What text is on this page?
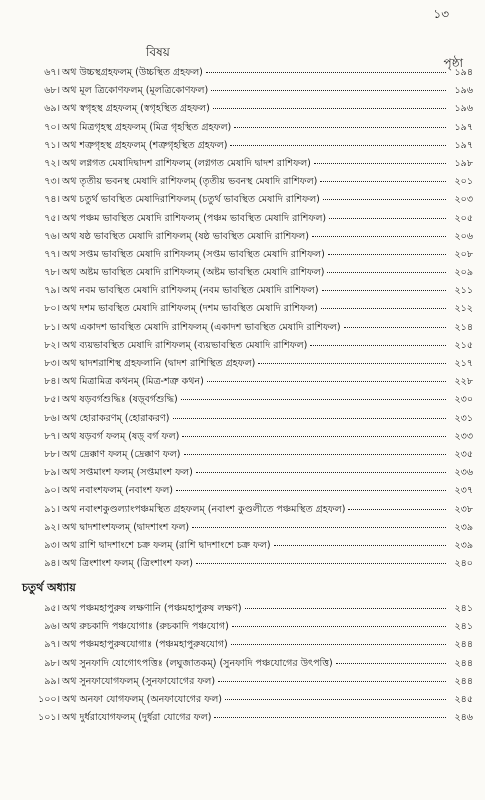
১৩
বিষয়
পৃষ্ঠা
৬৭। অথ উচ্চস্থগ্রহফলম্‌ (উচ্চস্থিত গ্রহফল)	১৯৪
৬৮। অথ মূল ত্রিকোণফলম্‌ (মূলত্রিকোণফল)	১৯৬
৬৯। অথ স্বগৃহস্থ গ্রহফলম্‌ (স্বগৃহস্থিত গ্রহফল)	১৯৬
৭০। অথ মিত্রগৃহস্থ গ্রহফলম্‌ (মিত্র গৃহস্থিত গ্রহফল)	১৯৭
৭১। অথ শত্রুগৃহস্থ গ্রহফলম্‌ (শত্রুগৃহস্থিত গ্রহফল)	১৯৭
৭২। অথ লগ্নগত মেষাদিদ্বাদশ রাশিফলম্‌ (লগ্নগত মেষাদি দ্বাদশ রাশিফল)	১৯৮
৭৩। অথ তৃতীয় ভবনস্থ মেষাদি রাশিফলম্‌ (তৃতীয় ভবনস্থ মেষাদি রাশিফল)	২০১
৭৪। অথ চতুর্থ ভাবস্থিত মেষাদিরাশিফলম্‌ (চতুর্থ ভাবস্থিত মেষাদি রাশিফল)	২০৩
৭৫। অথ পঞ্চম ভাবস্থিত মেষাদি রাশিফলম্‌ (পঞ্চম ভাবস্থিত মেষাদি রাশিফল)	২০৫
৭৬। অথ ষষ্ঠ ভাবস্থিত মেষাদি রাশিফলম্‌ (ষষ্ঠ ভাবস্থিত মেষাদি রাশিফল)	২০৬
৭৭। অথ সপ্তম ভাবস্থিত মেষাদি রাশিফলম্‌ (সপ্তম ভাবস্থিত মেষাদি রাশিফল)	২০৮
৭৮। অথ অষ্টম ভাবস্থিত মেষাদি রাশিফলম্‌ (অষ্টম ভাবস্থিত মেষাদি রাশিফল)	২০৯
৭৯। অথ নবম ভাবস্থিত মেষাদি রাশিফলম্‌ (নবম ভাবস্থিত মেষাদি রাশিফল)	২১১
৮০। অথ দশম ভাবস্থিত মেষাদি রাশিফলম্‌ (দশম ভাবস্থিত মেষাদি রাশিফল)	২১২
৮১। অথ একাদশ ভাবস্থিত মেষাদি রাশিফলম্‌ (একাদশ ভাবস্থিত মেষাদি রাশিফল)	২১৪
৮২। অথ ব্যয়ভাবস্থিত মেষাদি রাশিফলম্‌ (ব্যয়ভাবস্থিত মেষাদি রাশিফল)	২১৫
৮৩। অথ দ্বাদশরাশিস্থ গ্রহফলানি (দ্বাদশ রাশিস্থিত গ্রহফল)	২১৭
৮৪। অথ মিত্রামিত্র কথনম্‌ (মিত্র-শত্রু কথন)	২২৮
৮৫। অথ ষড়বর্গশুদ্ধিঃ (ষড়্‌বর্গশুদ্ধি)	২৩০
৮৬। অথ হোরাকরণম্‌ (হোরাকরণ)	২৩১
৮৭। অথ ষড়বর্গ ফলম্‌ (ষড়্‌ বর্গ ফল)	২৩৩
৮৮। অথ দ্রেক্কাণ ফলম্‌ (দ্রেক্কাণ ফল)	২৩৫
৮৯। অথ সপ্তমাংশ ফলম্‌ (সপ্তমাংশ ফল)	২৩৬
৯০। অথ নবাংশফলম্‌ (নবাংশ ফল)	২৩৭
৯১। অথ নবাংশকুণ্ডল্যাংপঞ্চমস্থিত গ্রহফলম্‌ (নবাংশ কুণ্ডলীতে পঞ্চমস্থিত গ্রহফল)	২৩৮
৯২। অথ দ্বাদশাংশফলম্‌ (দ্বাদশাংশ ফল)	২৩৯
৯৩। অথ রাশি দ্বাদশাংশে চক্র ফলম্‌ (রাশি দ্বাদশাংশে চক্র ফল)	২৩৯
৯৪। অথ ত্রিংশাংশ ফলম্‌ (ত্রিংশাংশ ফল)	২৪০
চতুর্থ অধ্যায়
৯৫। অথ পঞ্চমহাপুরুষ লক্ষণানি (পঞ্চমহাপুরুষ লক্ষণ)	২৪১
৯৬। অথ রুচকাদি পঞ্চযোগাঃ (রুচকাদি পঞ্চযোগ)	২৪১
৯৭। অথ পঞ্চমহাপুরুষযোগাঃ (পঞ্চমহাপুরুষযোগ)	২৪৪
৯৮। অথ সুনফাদি যোগোৎপত্তিঃ (লঘুজাতকম্‌) (সুনফাদি পঞ্চযোগের উৎপত্তি)	২৪৪
৯৯। অথ সুনফাযোগফলম্‌ (সুনফাযোগের ফল)	২৪৪
১০০। অথ অনফা যোগফলম্‌ (অনফাযোগের ফল)	২৪৫
১০১। অথ দুর্ধরাযোগফলম্‌ (দুর্ধরা যোগের ফল)	২৪৬
